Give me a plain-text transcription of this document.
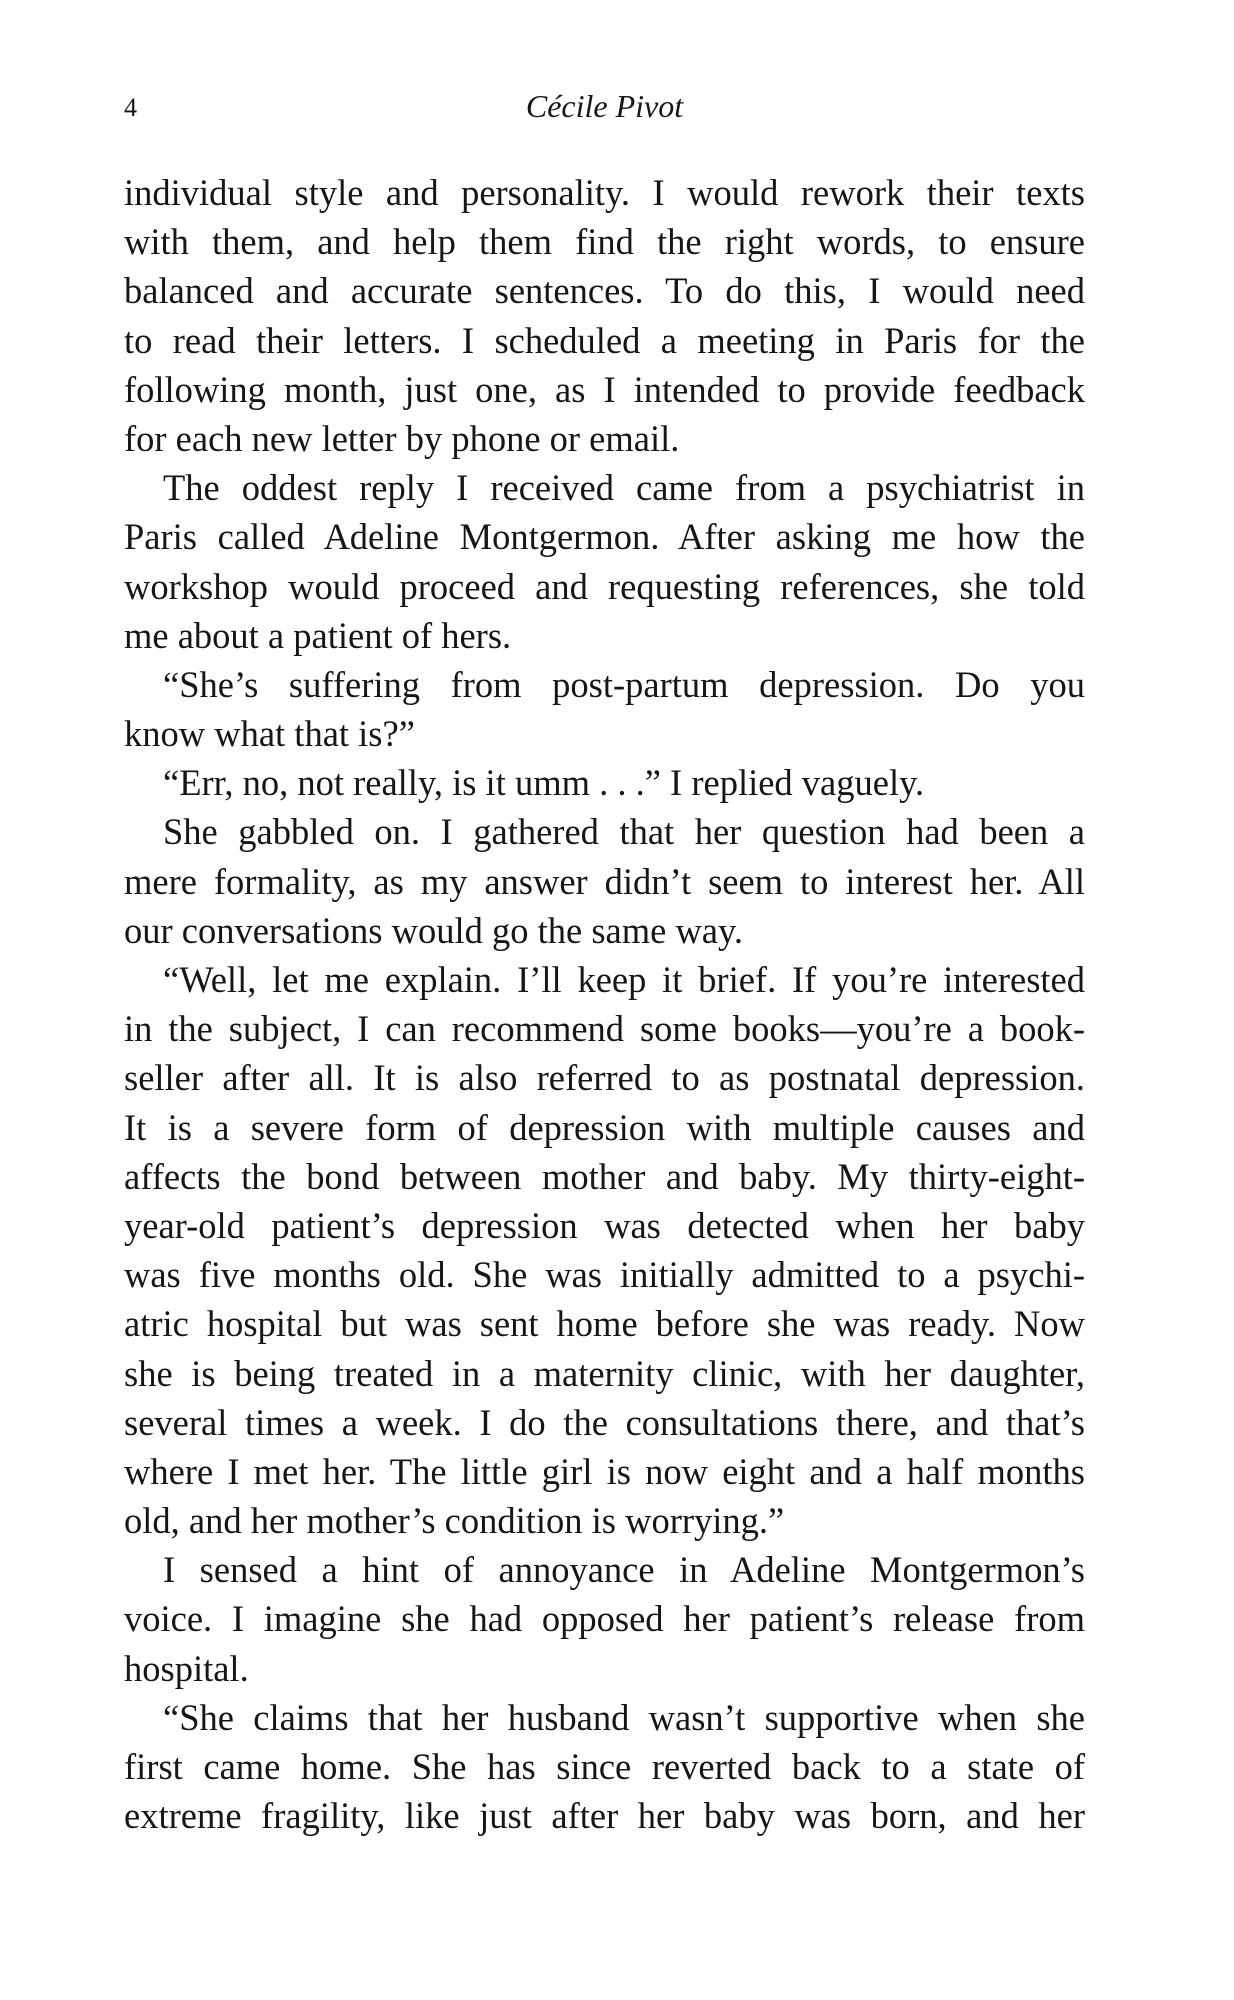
4	Cécile Pivot
individual style and personality. I would rework their texts
with them, and help them find the right words, to ensure
balanced and accurate sentences. To do this, I would need
to read their letters. I scheduled a meeting in Paris for the
following month, just one, as I intended to provide feedback
for each new letter by phone or email.
The oddest reply I received came from a psychiatrist in
Paris called Adeline Montgermon. After asking me how the
workshop would proceed and requesting references, she told
me about a patient of hers.
“She’s suffering from post-partum depression. Do you
know what that is?”
“Err, no, not really, is it umm . . .” I replied vaguely.
She gabbled on. I gathered that her question had been a
mere formality, as my answer didn’t seem to interest her. All
our conversations would go the same way.
“Well, let me explain. I’ll keep it brief. If you’re interested
in the subject, I can recommend some books—you’re a book-
seller after all. It is also referred to as postnatal depression.
It is a severe form of depression with multiple causes and
affects the bond between mother and baby. My thirty-eight-
year-old patient’s depression was detected when her baby
was five months old. She was initially admitted to a psychi-
atric hospital but was sent home before she was ready. Now
she is being treated in a maternity clinic, with her daughter,
several times a week. I do the consultations there, and that’s
where I met her. The little girl is now eight and a half months
old, and her mother’s condition is worrying.”
I sensed a hint of annoyance in Adeline Montgermon’s
voice. I imagine she had opposed her patient’s release from
hospital.
“She claims that her husband wasn’t supportive when she
first came home. She has since reverted back to a state of
extreme fragility, like just after her baby was born, and her
